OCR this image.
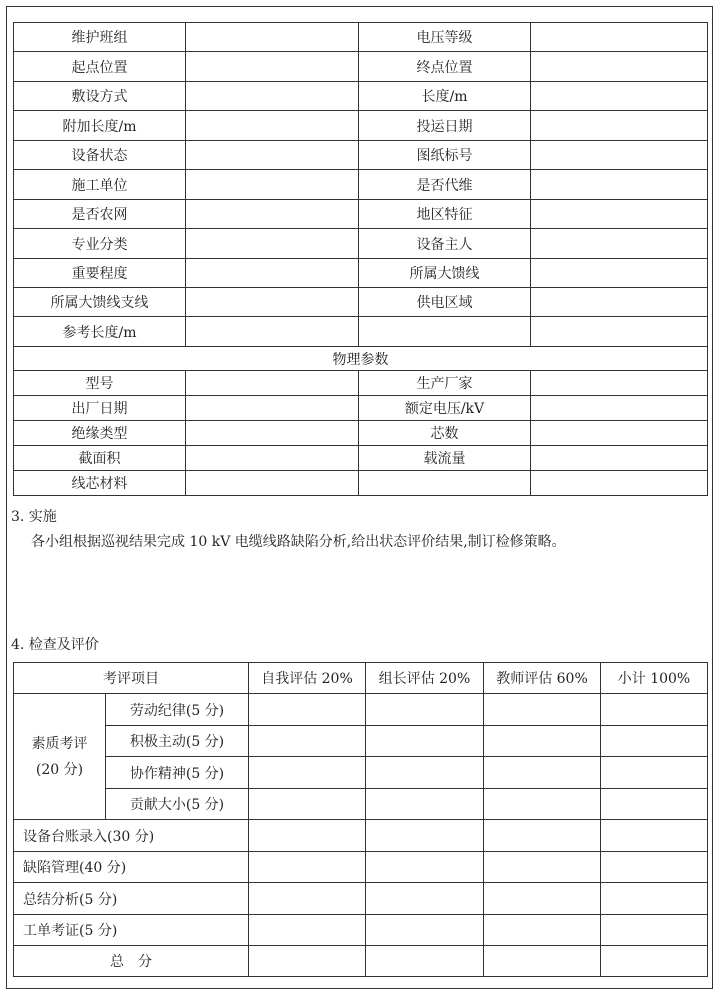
维护班组		电压等级	
起点位置		终点位置	
敷设方式		长度/m	
附加长度/m		投运日期	
设备状态		图纸标号	
施工单位		是否代维	
是否农网		地区特征	
专业分类		设备主人	
重要程度		所属大馈线	
所属大馈线支线		供电区域	
参考长度/m			
物理参数			
型号		生产厂家	
出厂日期		额定电压/kV	
绝缘类型		芯数	
截面积		载流量	
线芯材料			
3. 实施
各小组根据巡视结果完成 10 kV 电缆线路缺陷分析,给出状态评价结果,制订检修策略。
4. 检查及评价
考评项目		自我评估 20%	组长评估 20%	教师评估 60%	小计 100%

素质考评
(20 分)	劳动纪律(5 分)				
	积极主动(5 分)				
	协作精神(5 分)				
	贡献大小(5 分)				
设备台账录入(30 分)					
缺陷管理(40 分)					
总结分析(5 分)					
工单考证(5 分)					
总　分					
